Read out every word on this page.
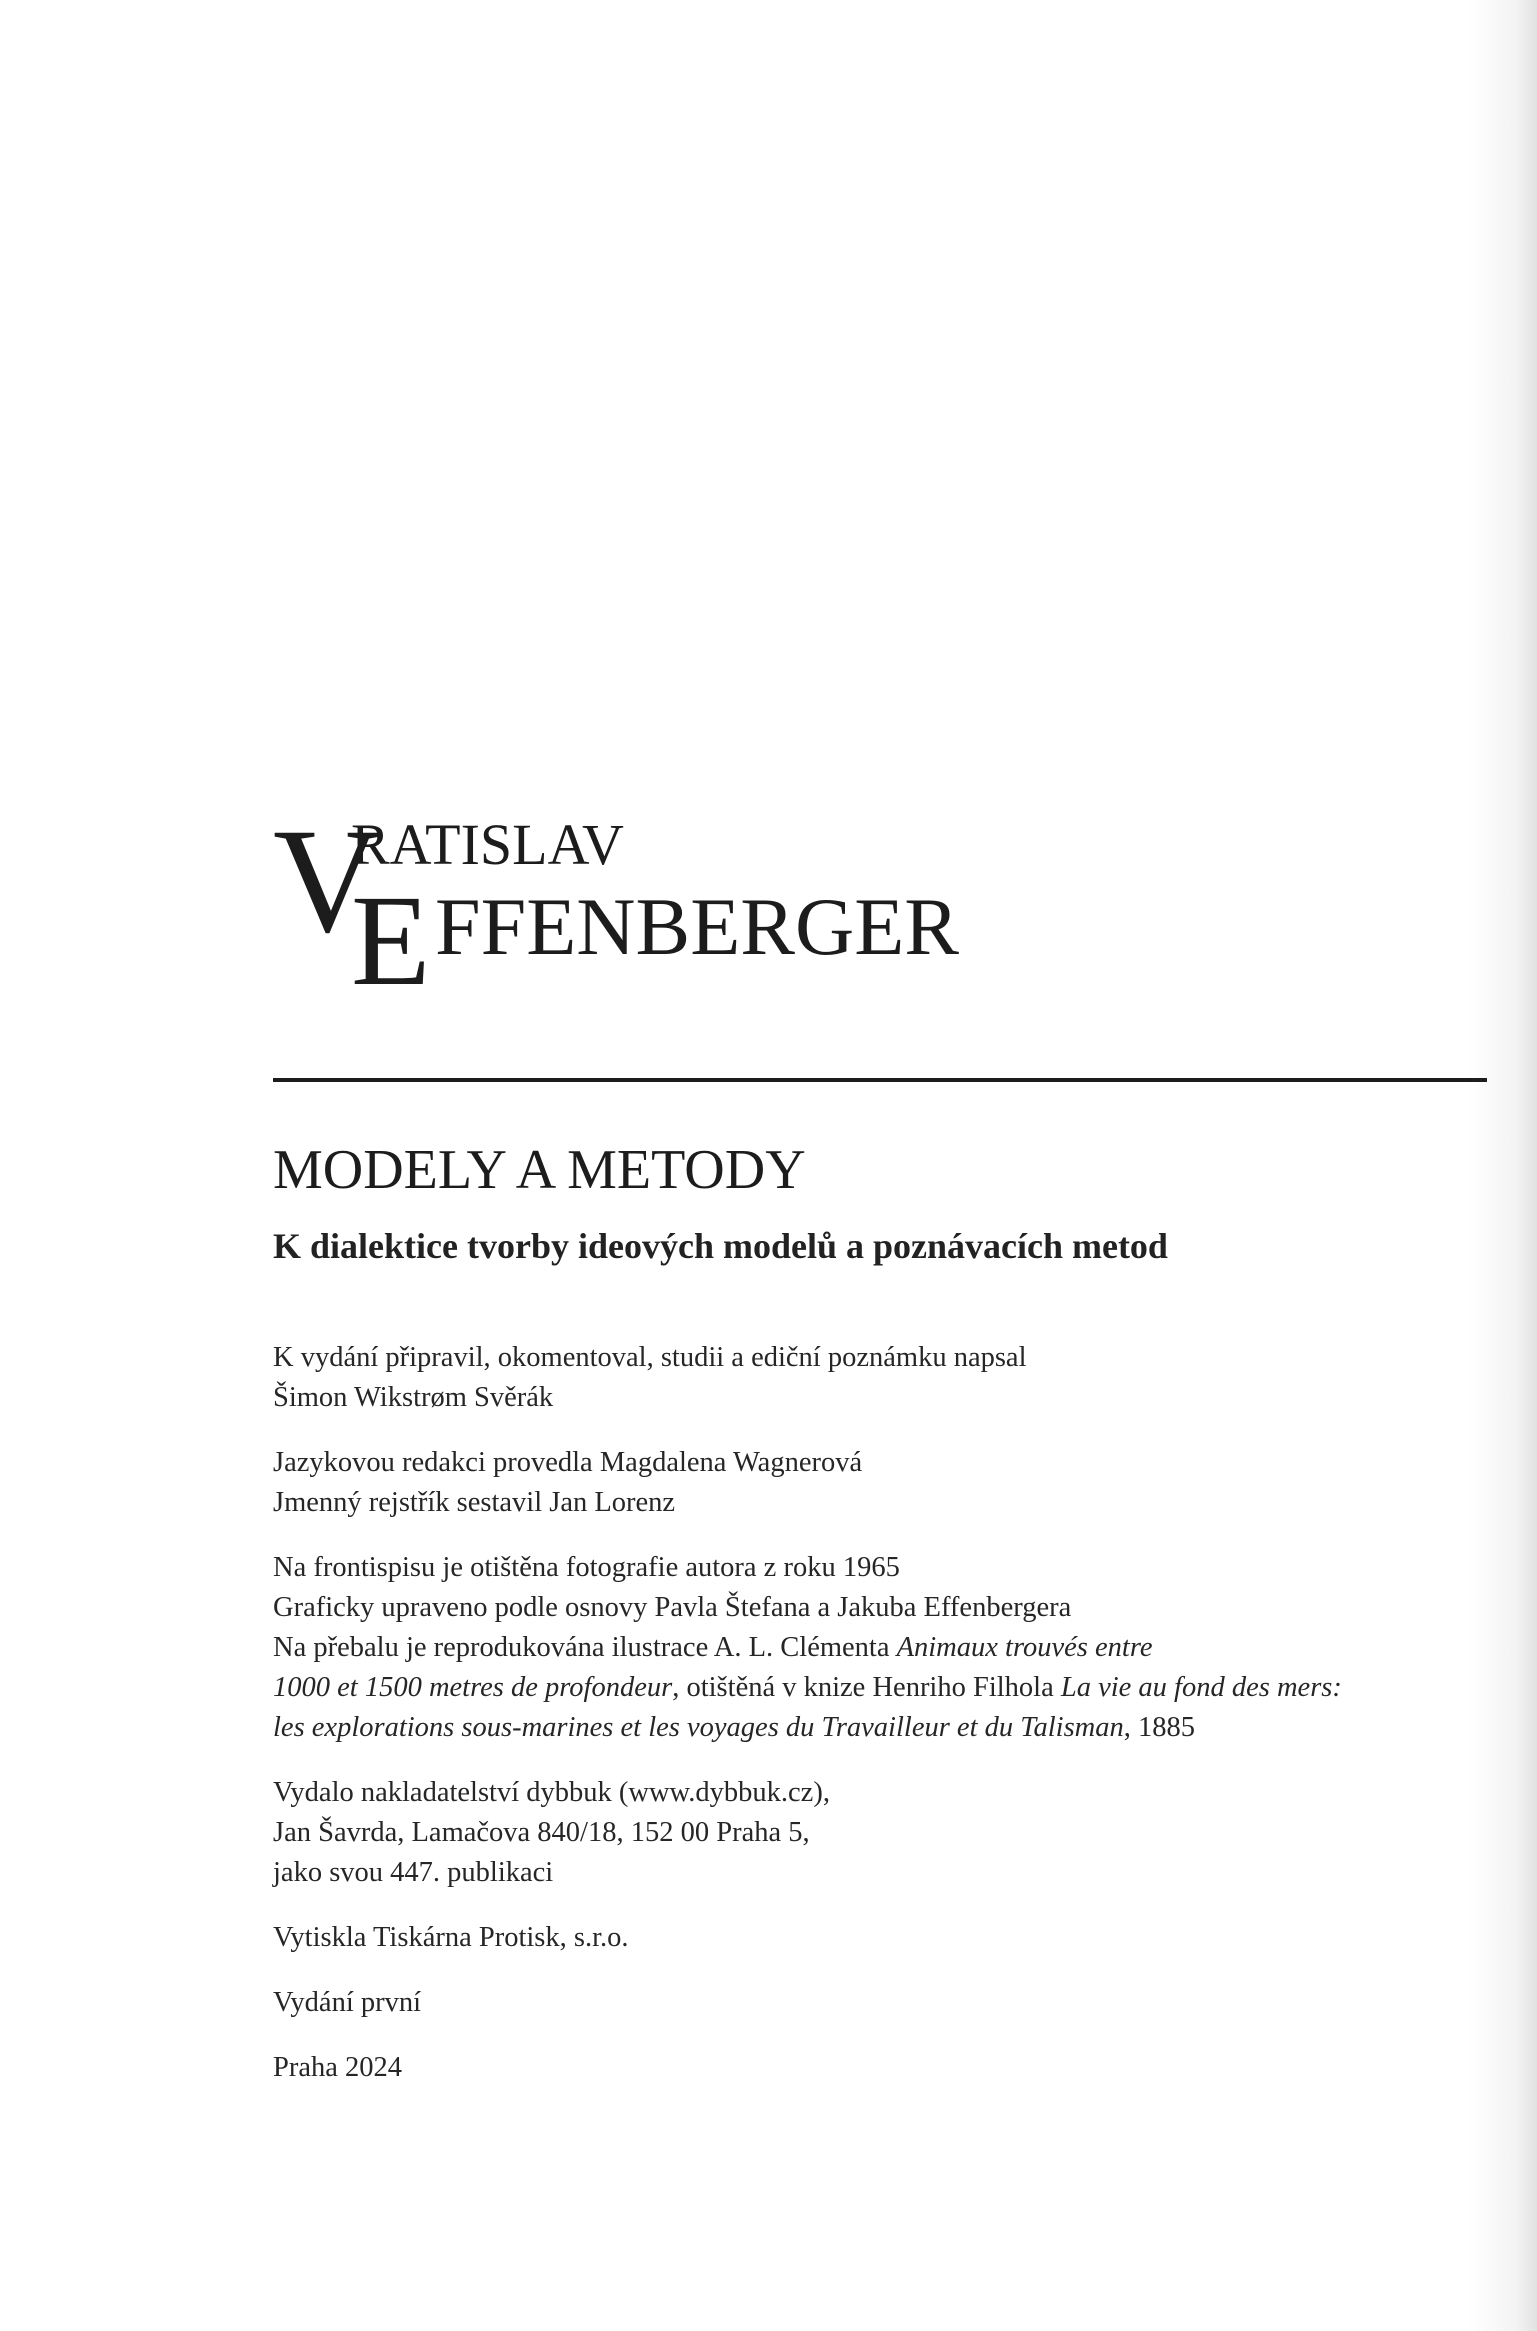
V
RATISLAV
E FFENBERGER
MODELY A METODY
K dialektice tvorby ideových modelů a poznávacích metod

K vydání připravil, okomentoval, studii a ediční poznámku napsal
Šimon Wikstrøm Svěrák

Jazykovou redakci provedla Magdalena Wagnerová
Jmenný rejstřík sestavil Jan Lorenz

Na frontispisu je otištěna fotografie autora z roku 1965
Graficky upraveno podle osnovy Pavla Štefana a Jakuba Effenbergera
Na přebalu je reprodukována ilustrace A. L. Clémenta Animaux trouvés entre
1000 et 1500 metres de profondeur, otištěná v knize Henriho Filhola La vie au fond des mers:
les explorations sous-marines et les voyages du Travailleur et du Talisman, 1885

Vydalo nakladatelství dybbuk (www.dybbuk.cz),
Jan Šavrda, Lamačova 840/18, 152 00 Praha 5,
jako svou 447. publikaci

Vytiskla Tiskárna Protisk, s.r.o.

Vydání první

Praha 2024
